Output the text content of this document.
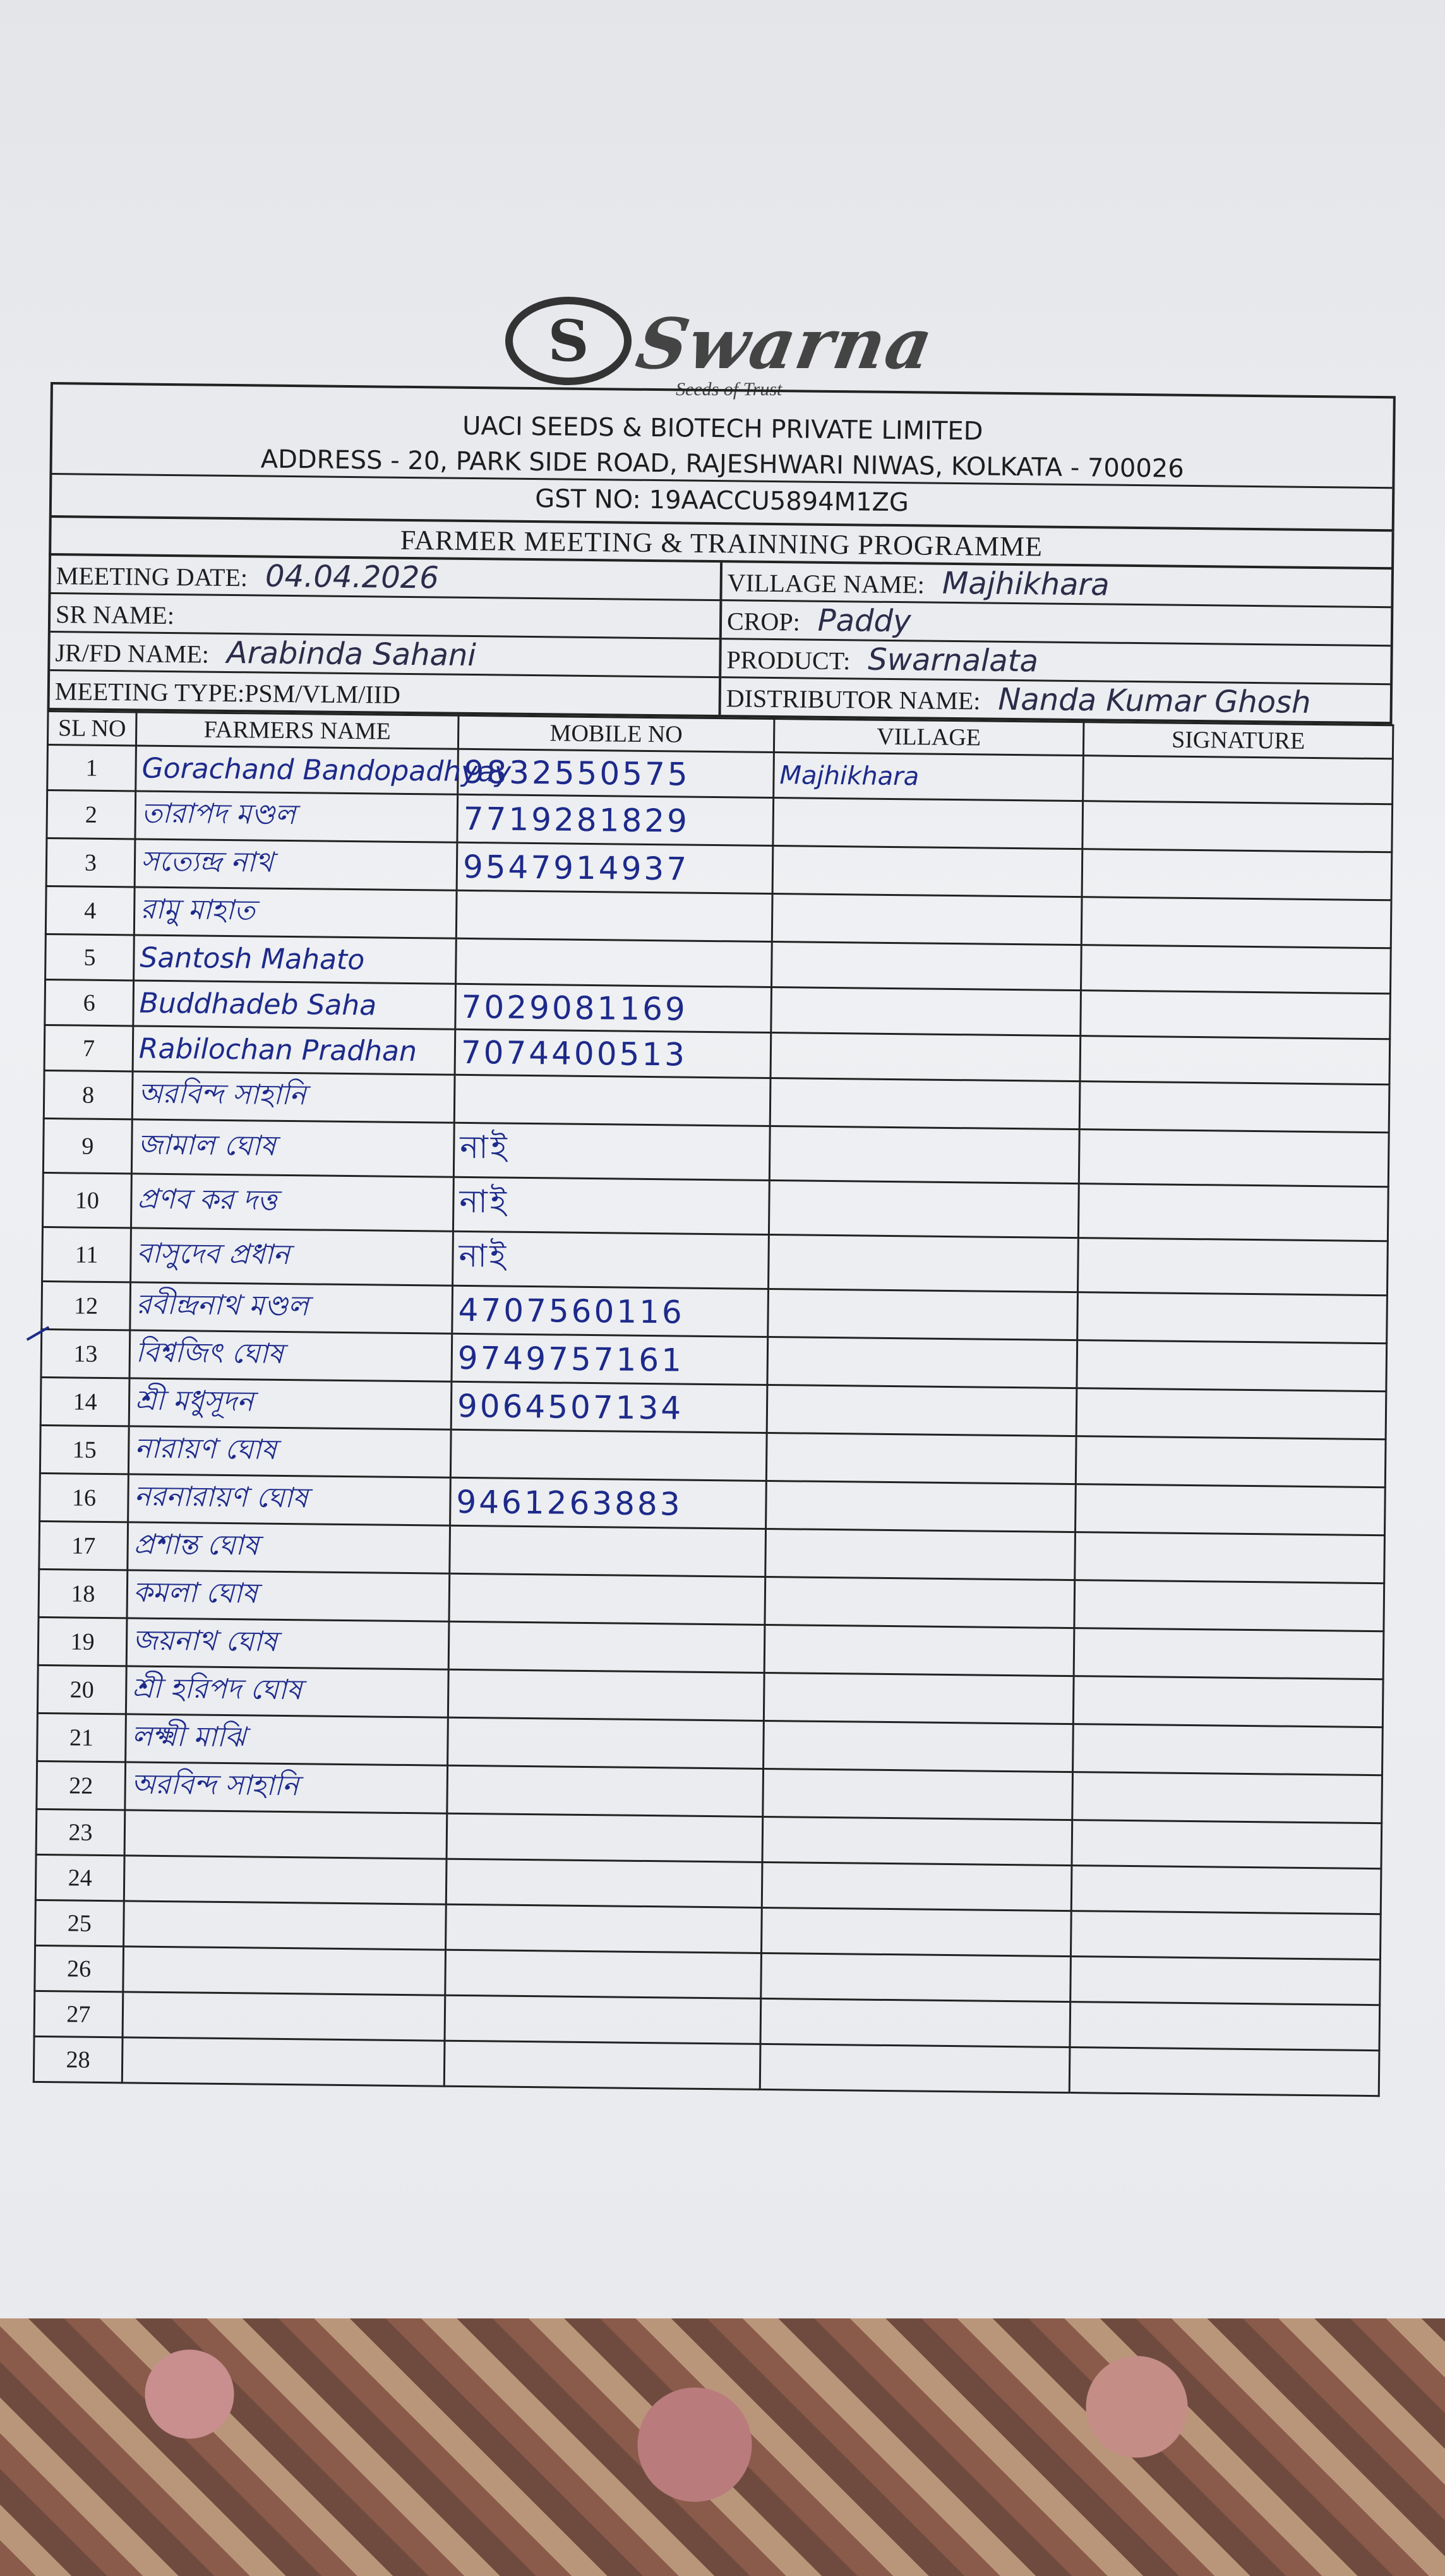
S Swarna
Seeds of Trust
UACI SEEDS & BIOTECH PRIVATE LIMITED
ADDRESS - 20, PARK SIDE ROAD, RAJESHWARI NIWAS, KOLKATA - 700026
GST NO: 19AACCU5894M1ZG
FARMER MEETING & TRAINNING PROGRAMME
MEETING DATE: 04.04.2026
SR NAME:
JR/FD NAME: Arabinda Sahani
MEETING TYPE:PSM/VLM/IID
VILLAGE NAME: Majhikhara
CROP: Paddy
PRODUCT: Swarnalata
DISTRIBUTOR NAME: Nanda Kumar Ghosh
SL NO	FARMERS NAME	MOBILE NO	VILLAGE	SIGNATURE
1	Gorachand Bandopadhyay	9832550575	Majhikhara	
2	তারাপদ মণ্ডল	7719281829		
3	সত্যেন্দ্র নাথ	9547914937		
4	রামু মাহাত			
5	Santosh Mahato			
6	Buddhadeb Saha	7029081169		
7	Rabilochan Pradhan	7074400513		
8	অরবিন্দ সাহানি			
9	জামাল ঘোষ	নাই		
10	প্রণব কর দত্ত	নাই		
11	বাসুদেব প্রধান	নাই		
12	রবীন্দ্রনাথ মণ্ডল	4707560116		
13	বিশ্বজিৎ ঘোষ	9749757161		
14	শ্রী মধুসূদন	9064507134		
15	নারায়ণ ঘোষ			
16	নরনারায়ণ ঘোষ	9461263883		
17	প্রশান্ত ঘোষ			
18	কমলা ঘোষ			
19	জয়নাথ ঘোষ			
20	শ্রী হরিপদ ঘোষ			
21	লক্ষ্মী মাঝি			
22	অরবিন্দ সাহানি			
23				
24				
25				
26				
27				
28				
